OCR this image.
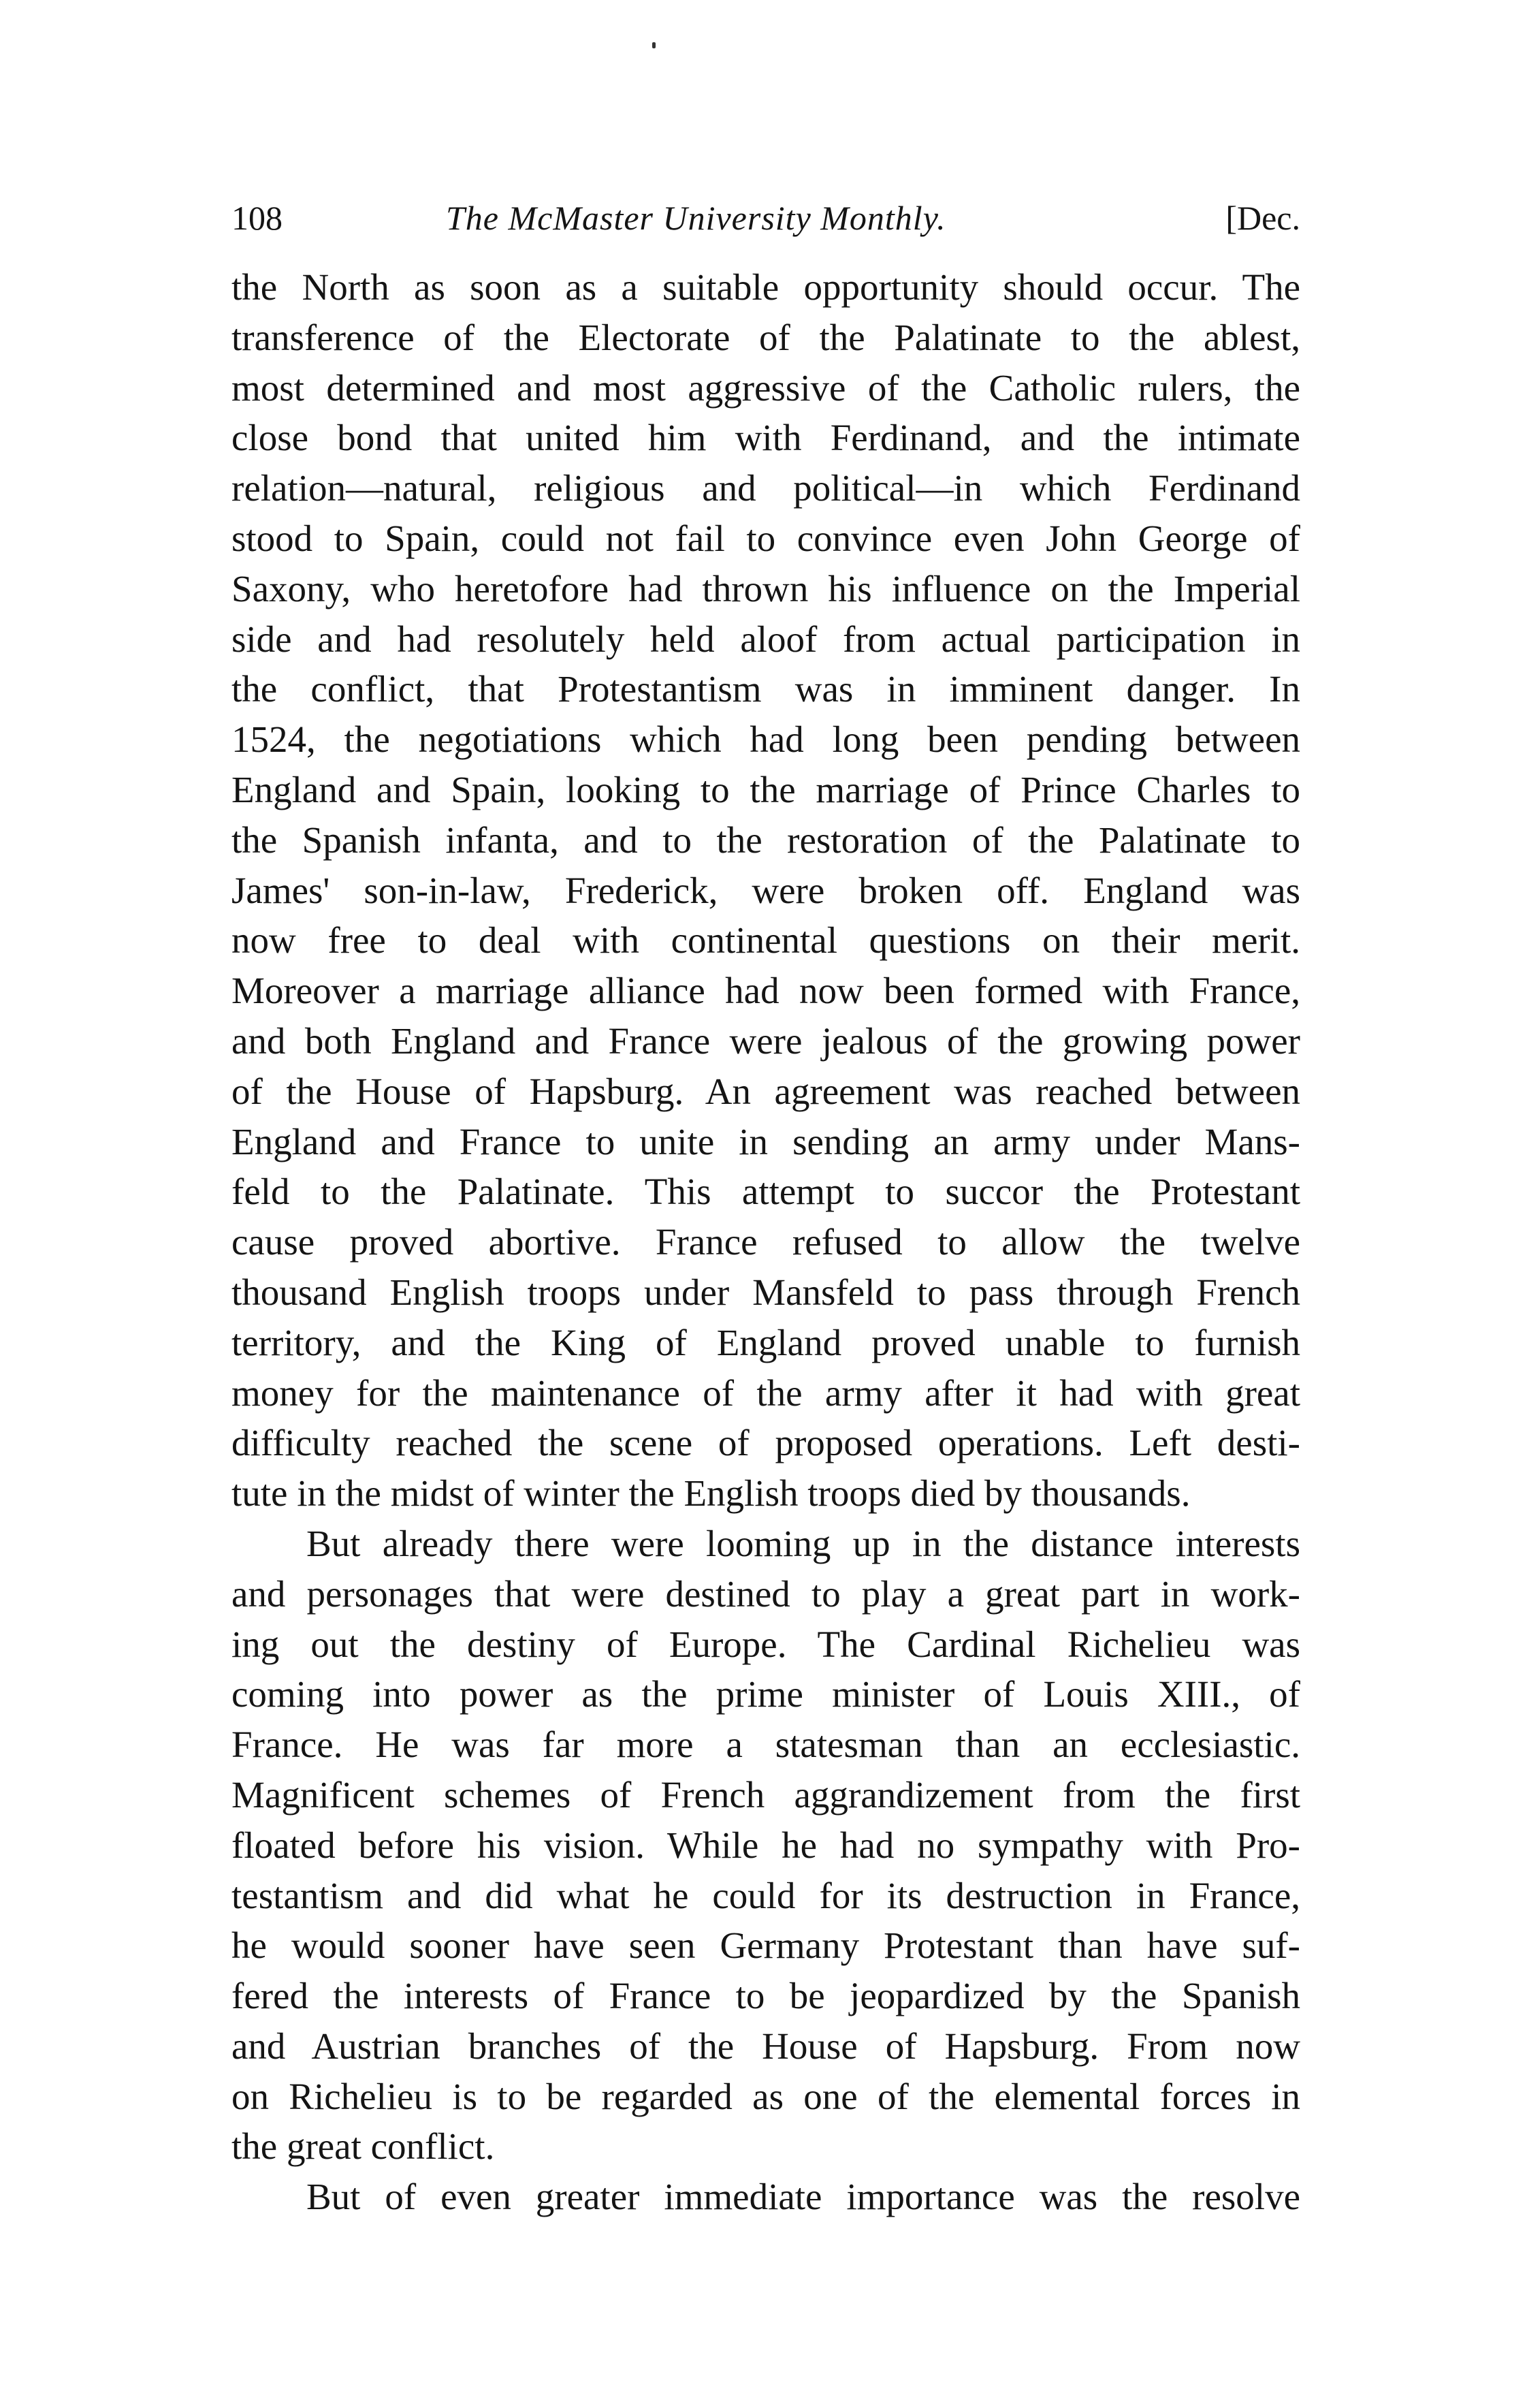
108	The McMaster University Monthly.	[Dec.
the North as soon as a suitable opportunity should occur. The
transference of the Electorate of the Palatinate to the ablest,
most determined and most aggressive of the Catholic rulers, the
close bond that united him with Ferdinand, and the intimate
relation—natural, religious and political—in which Ferdinand
stood to Spain, could not fail to convince even John George of
Saxony, who heretofore had thrown his influence on the Imperial
side and had resolutely held aloof from actual participation in
the conflict, that Protestantism was in imminent danger. In
1524, the negotiations which had long been pending between
England and Spain, looking to the marriage of Prince Charles to
the Spanish infanta, and to the restoration of the Palatinate to
James' son-in-law, Frederick, were broken off. England was
now free to deal with continental questions on their merit.
Moreover a marriage alliance had now been formed with France,
and both England and France were jealous of the growing power
of the House of Hapsburg. An agreement was reached between
England and France to unite in sending an army under Mans-
feld to the Palatinate. This attempt to succor the Protestant
cause proved abortive. France refused to allow the twelve
thousand English troops under Mansfeld to pass through French
territory, and the King of England proved unable to furnish
money for the maintenance of the army after it had with great
difficulty reached the scene of proposed operations. Left desti-
tute in the midst of winter the English troops died by thousands.
But already there were looming up in the distance interests
and personages that were destined to play a great part in work-
ing out the destiny of Europe. The Cardinal Richelieu was
coming into power as the prime minister of Louis XIII., of
France. He was far more a statesman than an ecclesiastic.
Magnificent schemes of French aggrandizement from the first
floated before his vision. While he had no sympathy with Pro-
testantism and did what he could for its destruction in France,
he would sooner have seen Germany Protestant than have suf-
fered the interests of France to be jeopardized by the Spanish
and Austrian branches of the House of Hapsburg. From now
on Richelieu is to be regarded as one of the elemental forces in
the great conflict.
But of even greater immediate importance was the resolve
